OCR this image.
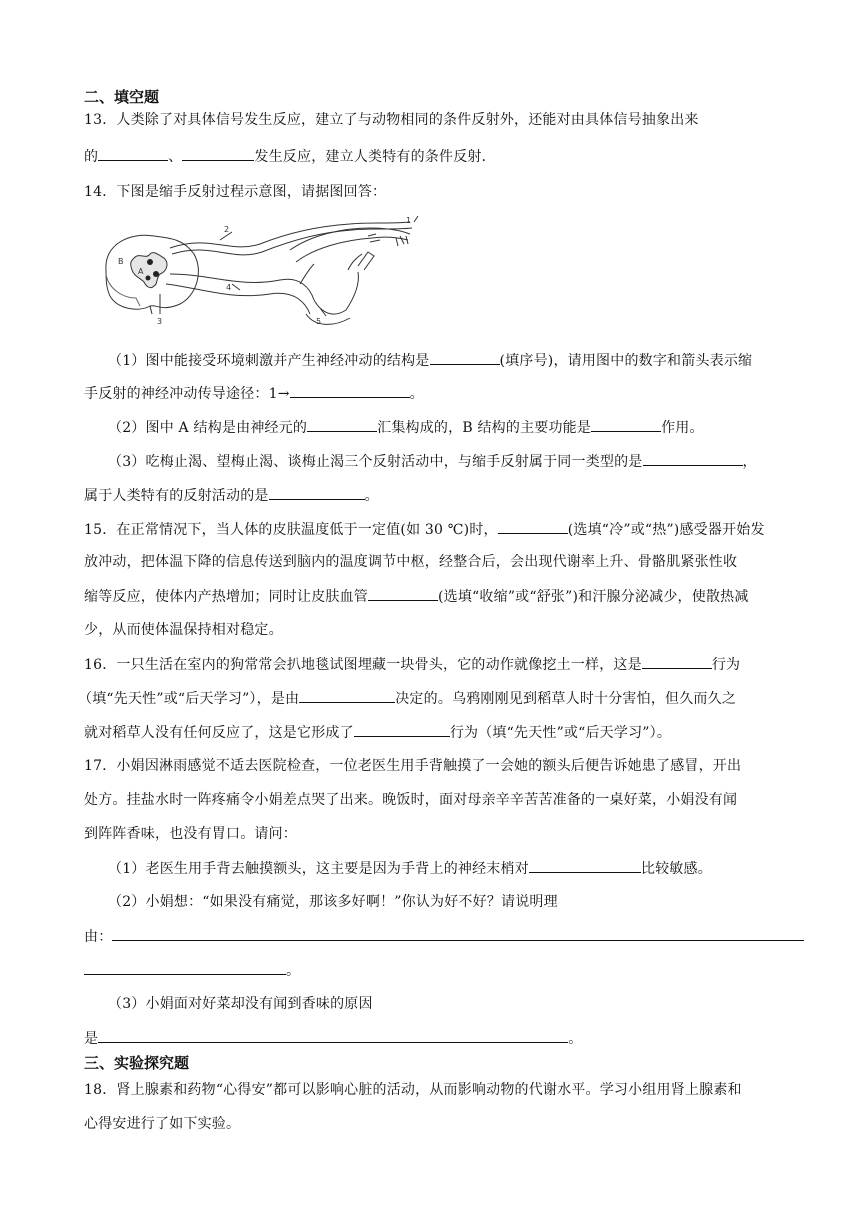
二、填空题
13．人类除了对具体信号发生反应，建立了与动物相同的条件反射外，还能对由具体信号抽象出来
的	、	发生反应，建立人类特有的条件反射．
14．下图是缩手反射过程示意图，请据图回答：
1
2
3
4
5
A
B
（1）图中能接受环境刺激并产生神经冲动的结构是	(填序号)，请用图中的数字和箭头表示缩
手反射的神经冲动传导途径：1→	。
（2）图中 A 结构是由神经元的	汇集构成的，B 结构的主要功能是	作用。
（3）吃梅止渴、望梅止渴、谈梅止渴三个反射活动中，与缩手反射属于同一类型的是	，
属于人类特有的反射活动的是	。
15．在正常情况下，当人体的皮肤温度低于一定值(如 30 ℃)时，	(选填“冷”或“热”)感受器开始发
放冲动，把体温下降的信息传送到脑内的温度调节中枢，经整合后，会出现代谢率上升、骨骼肌紧张性收
缩等反应，使体内产热增加；同时让皮肤血管	(选填“收缩”或“舒张”)和汗腺分泌减少，使散热减
少，从而使体温保持相对稳定。
16．一只生活在室内的狗常常会扒地毯试图埋藏一块骨头，它的动作就像挖土一样，这是	行为
（填“先天性”或“后天学习”），是由	决定的。乌鸦刚刚见到稻草人时十分害怕，但久而久之
就对稻草人没有任何反应了，这是它形成了	行为（填“先天性”或“后天学习”）。
17．小娟因淋雨感觉不适去医院检查，一位老医生用手背触摸了一会她的额头后便告诉她患了感冒，开出
处方。挂盐水时一阵疼痛令小娟差点哭了出来。晚饭时，面对母亲辛辛苦苦准备的一桌好菜，小娟没有闻
到阵阵香味，也没有胃口。请问：
（1）老医生用手背去触摸额头，这主要是因为手背上的神经末梢对	比较敏感。
（2）小娟想：“如果没有痛觉，那该多好啊！”你认为好不好？请说明理
由：
。
（3）小娟面对好菜却没有闻到香味的原因
是	。
三、实验探究题
18．肾上腺素和药物“心得安”都可以影响心脏的活动，从而影响动物的代谢水平。学习小组用肾上腺素和
心得安进行了如下实验。
